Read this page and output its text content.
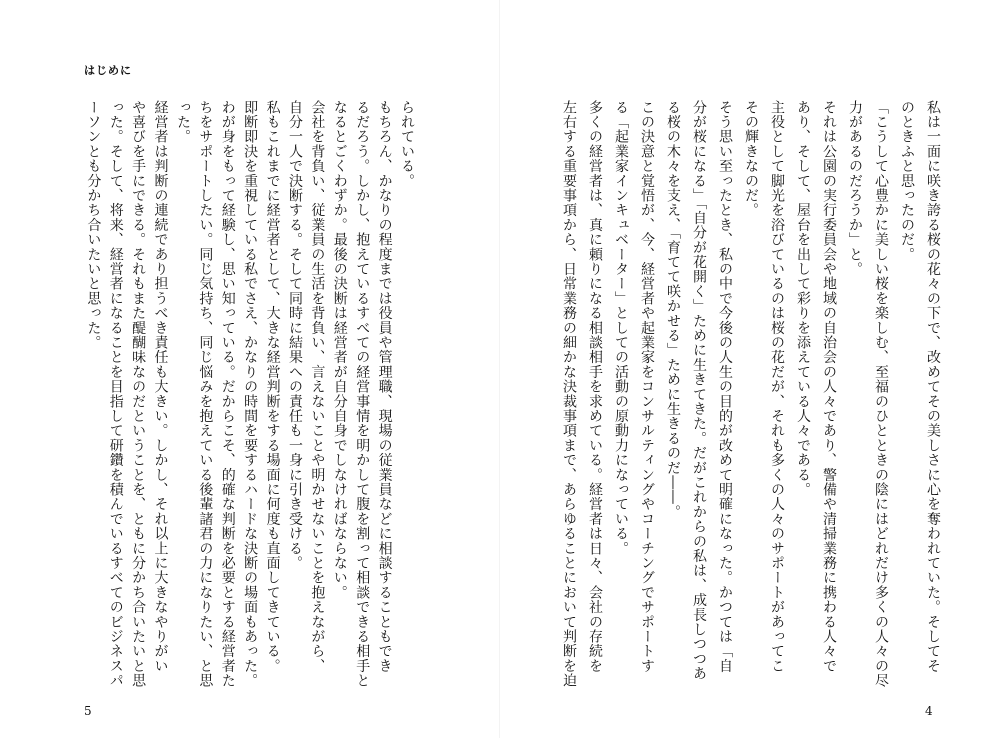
はじめに
私は一面に咲き誇る桜の花々の下で、改めてその美しさに心を奪われていた。そしてそ
のときふと思ったのだ。
「こうして心豊かに美しい桜を楽しむ、至福のひとときの陰にはどれだけ多くの人々の尽
力があるのだろうか」と。
それは公園の実行委員会や地域の自治会の人々であり、警備や清掃業務に携わる人々で
あり、そして、屋台を出して彩りを添えている人々である。
主役として脚光を浴びているのは桜の花だが、それも多くの人々のサポートがあってこ
その輝きなのだ。
そう思い至ったとき、私の中で今後の人生の目的が改めて明確になった。かつては「自
分が桜になる」「自分が花開く」ために生きてきた。だがこれからの私は、成長しつつあ
る桜の木々を支え、「育てて咲かせる」ために生きるのだ――。
この決意と覚悟が、今、経営者や起業家をコンサルティングやコーチングでサポートす
る「起業家インキュベーター」としての活動の原動力になっている。
多くの経営者は、真に頼りになる相談相手を求めている。経営者は日々、会社の存続を
左右する重要事項から、日常業務の細かな決裁事項まで、あらゆることにおいて判断を迫
られている。
もちろん、かなりの程度までは役員や管理職、現場の従業員などに相談することもでき
るだろう。しかし、抱えているすべての経営事情を明かして腹を割って相談できる相手と
なるとごくわずか。最後の決断は経営者が自分自身でしなければならない。
会社を背負い、従業員の生活を背負い、言えないことや明かせないことを抱えながら、
自分一人で決断する。そして同時に結果への責任も一身に引き受ける。
私もこれまでに経営者として、大きな経営判断をする場面に何度も直面してきている。
即断即決を重視している私でさえ、かなりの時間を要するハードな決断の場面もあった。
わが身をもって経験し、思い知っている。だからこそ、的確な判断を必要とする経営者た
ちをサポートしたい。同じ気持ち、同じ悩みを抱えている後輩諸君の力になりたい、と思
った。
経営者は判断の連続であり担うべき責任も大きい。しかし、それ以上に大きなやりがい
や喜びを手にできる。それもまた醍醐味なのだということを、ともに分かち合いたいと思
った。そして、将来、経営者になることを目指して研鑽を積んでいるすべてのビジネスパ
ーソンとも分かち合いたいと思った。
5	4
